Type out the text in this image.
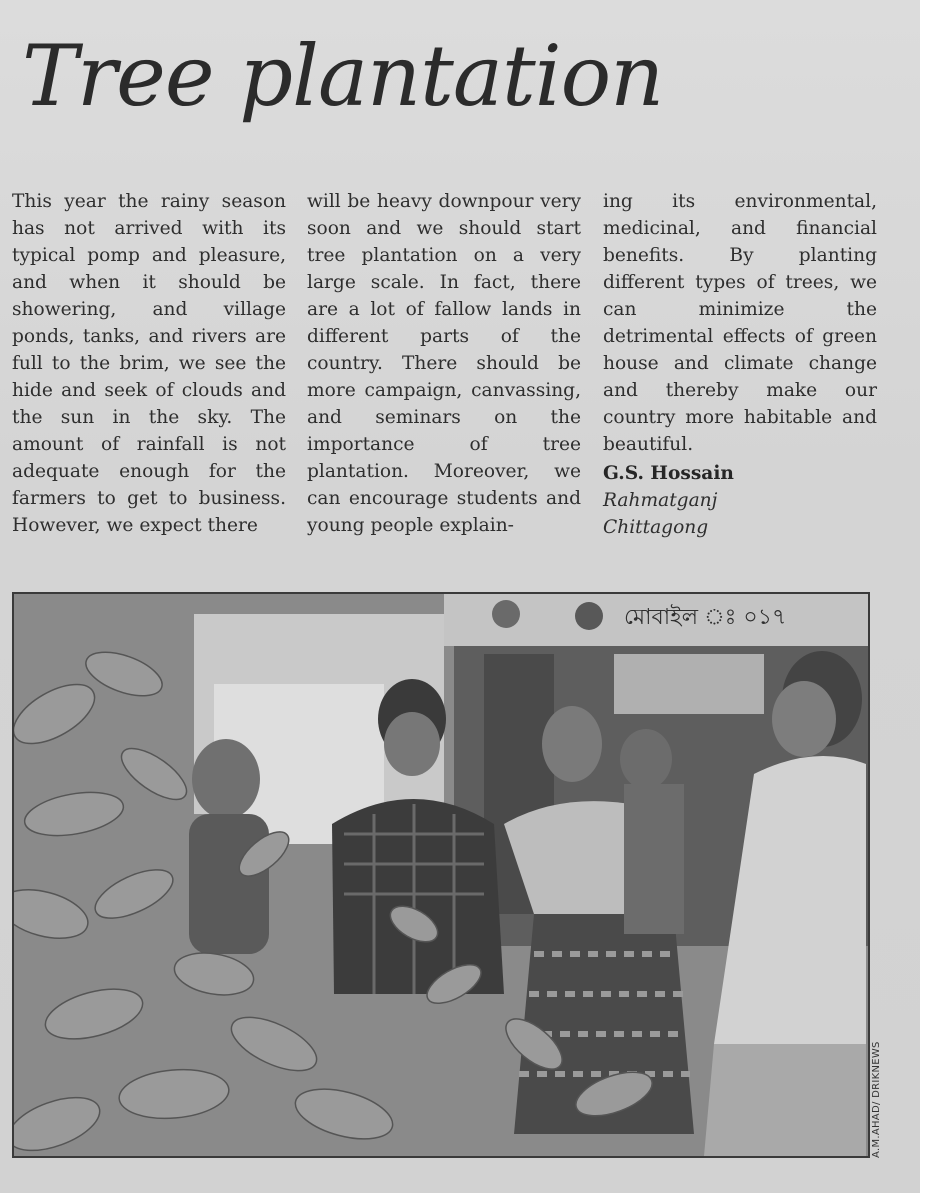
Tree plantation

This year the rainy season has not arrived with its typical pomp and pleasure, and when it should be showering, and village ponds, tanks, and rivers are full to the brim, we see the hide and seek of clouds and the sun in the sky. The amount of rainfall is not adequate enough for the farmers to get to business. However, we expect there

will be heavy downpour very soon and we should start tree plantation on a very large scale. In fact, there are a lot of fallow lands in different parts of the country. There should be more campaign, canvassing, and seminars on the importance of tree plantation. Moreover, we can encourage students and young people explain-

ing its environmental, medicinal, and financial benefits. By planting different types of trees, we can minimize the detrimental effects of green house and climate change and thereby make our country more habitable and beautiful.

G.S. Hossain
Rahmatganj
Chittagong
মোবাইল ঃ ০১৭
A.M.AHAD/ DRIKNEWS
